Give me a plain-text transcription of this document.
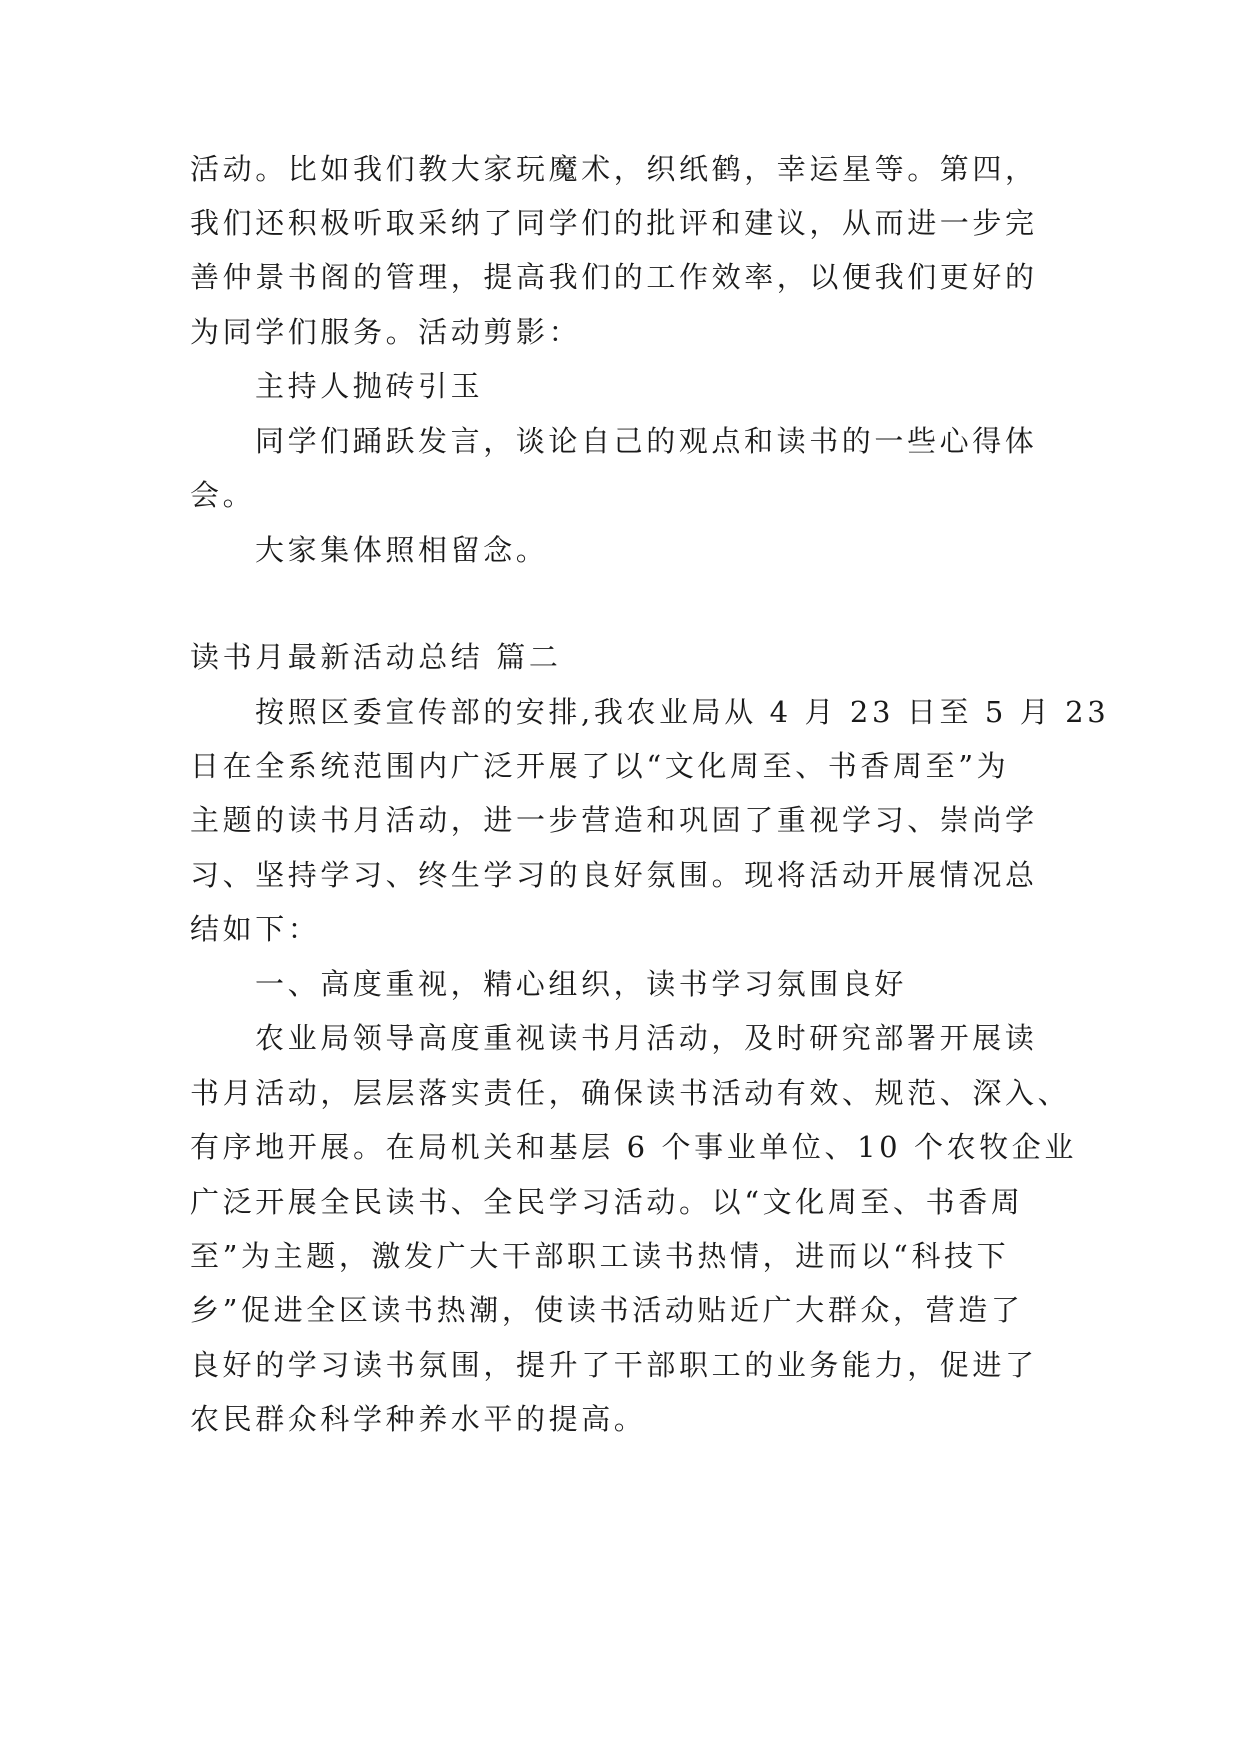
活动。比如我们教大家玩魔术，织纸鹤，幸运星等。第四，
我们还积极听取采纳了同学们的批评和建议，从而进一步完
善仲景书阁的管理，提高我们的工作效率，以便我们更好的
为同学们服务。活动剪影：
主持人抛砖引玉
同学们踊跃发言，谈论自己的观点和读书的一些心得体
会。
大家集体照相留念。
读书月最新活动总结 篇二
按照区委宣传部的安排,我农业局从 4 月 23 日至 5 月 23
日在全系统范围内广泛开展了以“文化周至、书香周至”为
主题的读书月活动，进一步营造和巩固了重视学习、崇尚学
习、坚持学习、终生学习的良好氛围。现将活动开展情况总
结如下：
一、高度重视，精心组织，读书学习氛围良好
农业局领导高度重视读书月活动，及时研究部署开展读
书月活动，层层落实责任，确保读书活动有效、规范、深入、
有序地开展。在局机关和基层 6 个事业单位、10 个农牧企业
广泛开展全民读书、全民学习活动。以“文化周至、书香周
至”为主题，激发广大干部职工读书热情，进而以“科技下
乡”促进全区读书热潮，使读书活动贴近广大群众，营造了
良好的学习读书氛围，提升了干部职工的业务能力，促进了
农民群众科学种养水平的提高。
